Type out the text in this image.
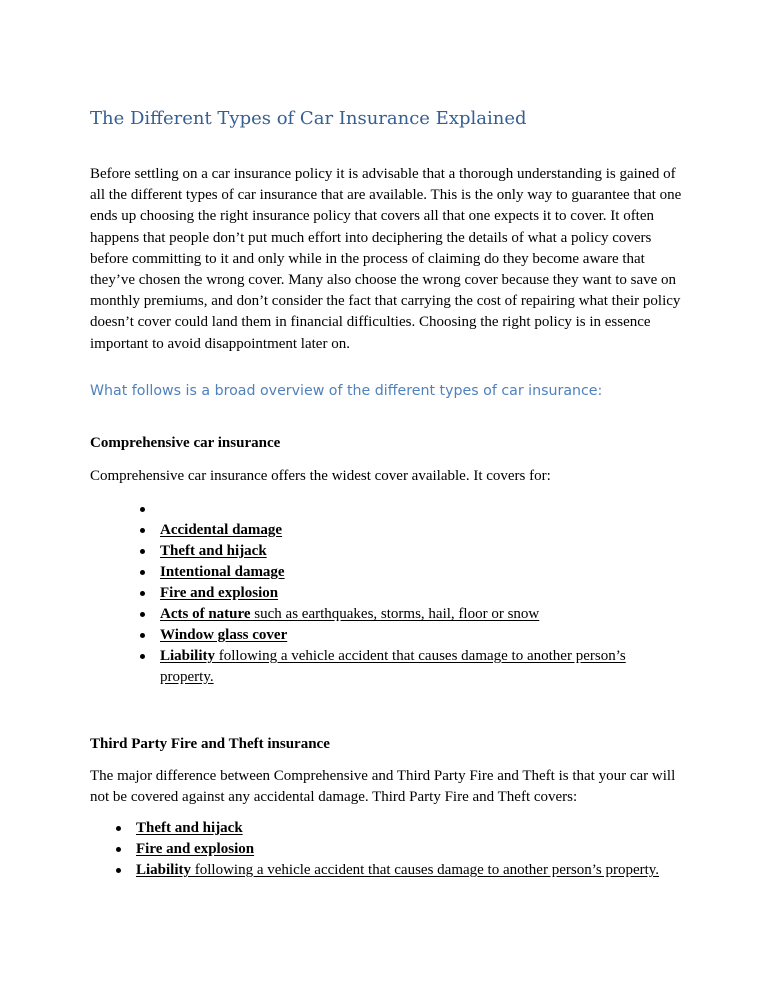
The Different Types of Car Insurance Explained

Before settling on a car insurance policy it is advisable that a thorough understanding is gained of all the different types of car insurance that are available. This is the only way to guarantee that one ends up choosing the right insurance policy that covers all that one expects it to cover. It often happens that people don’t put much effort into deciphering the details of what a policy covers before committing to it and only while in the process of claiming do they become aware that they’ve chosen the wrong cover. Many also choose the wrong cover because they want to save on monthly premiums, and don’t consider the fact that carrying the cost of repairing what their policy doesn’t cover could land them in financial difficulties. Choosing the right policy is in essence important to avoid disappointment later on.

What follows is a broad overview of the different types of car insurance:
Comprehensive car insurance

Comprehensive car insurance offers the widest cover available. It covers for:

Accidental damage
Theft and hijack
Intentional damage
Fire and explosion
Acts of nature such as earthquakes, storms, hail, floor or snow
Window glass cover
Liability following a vehicle accident that causes damage to another person’s property.
Third Party Fire and Theft insurance

The major difference between Comprehensive and Third Party Fire and Theft is that your car will not be covered against any accidental damage. Third Party Fire and Theft covers:

Theft and hijack
Fire and explosion
Liability following a vehicle accident that causes damage to another person’s property.
